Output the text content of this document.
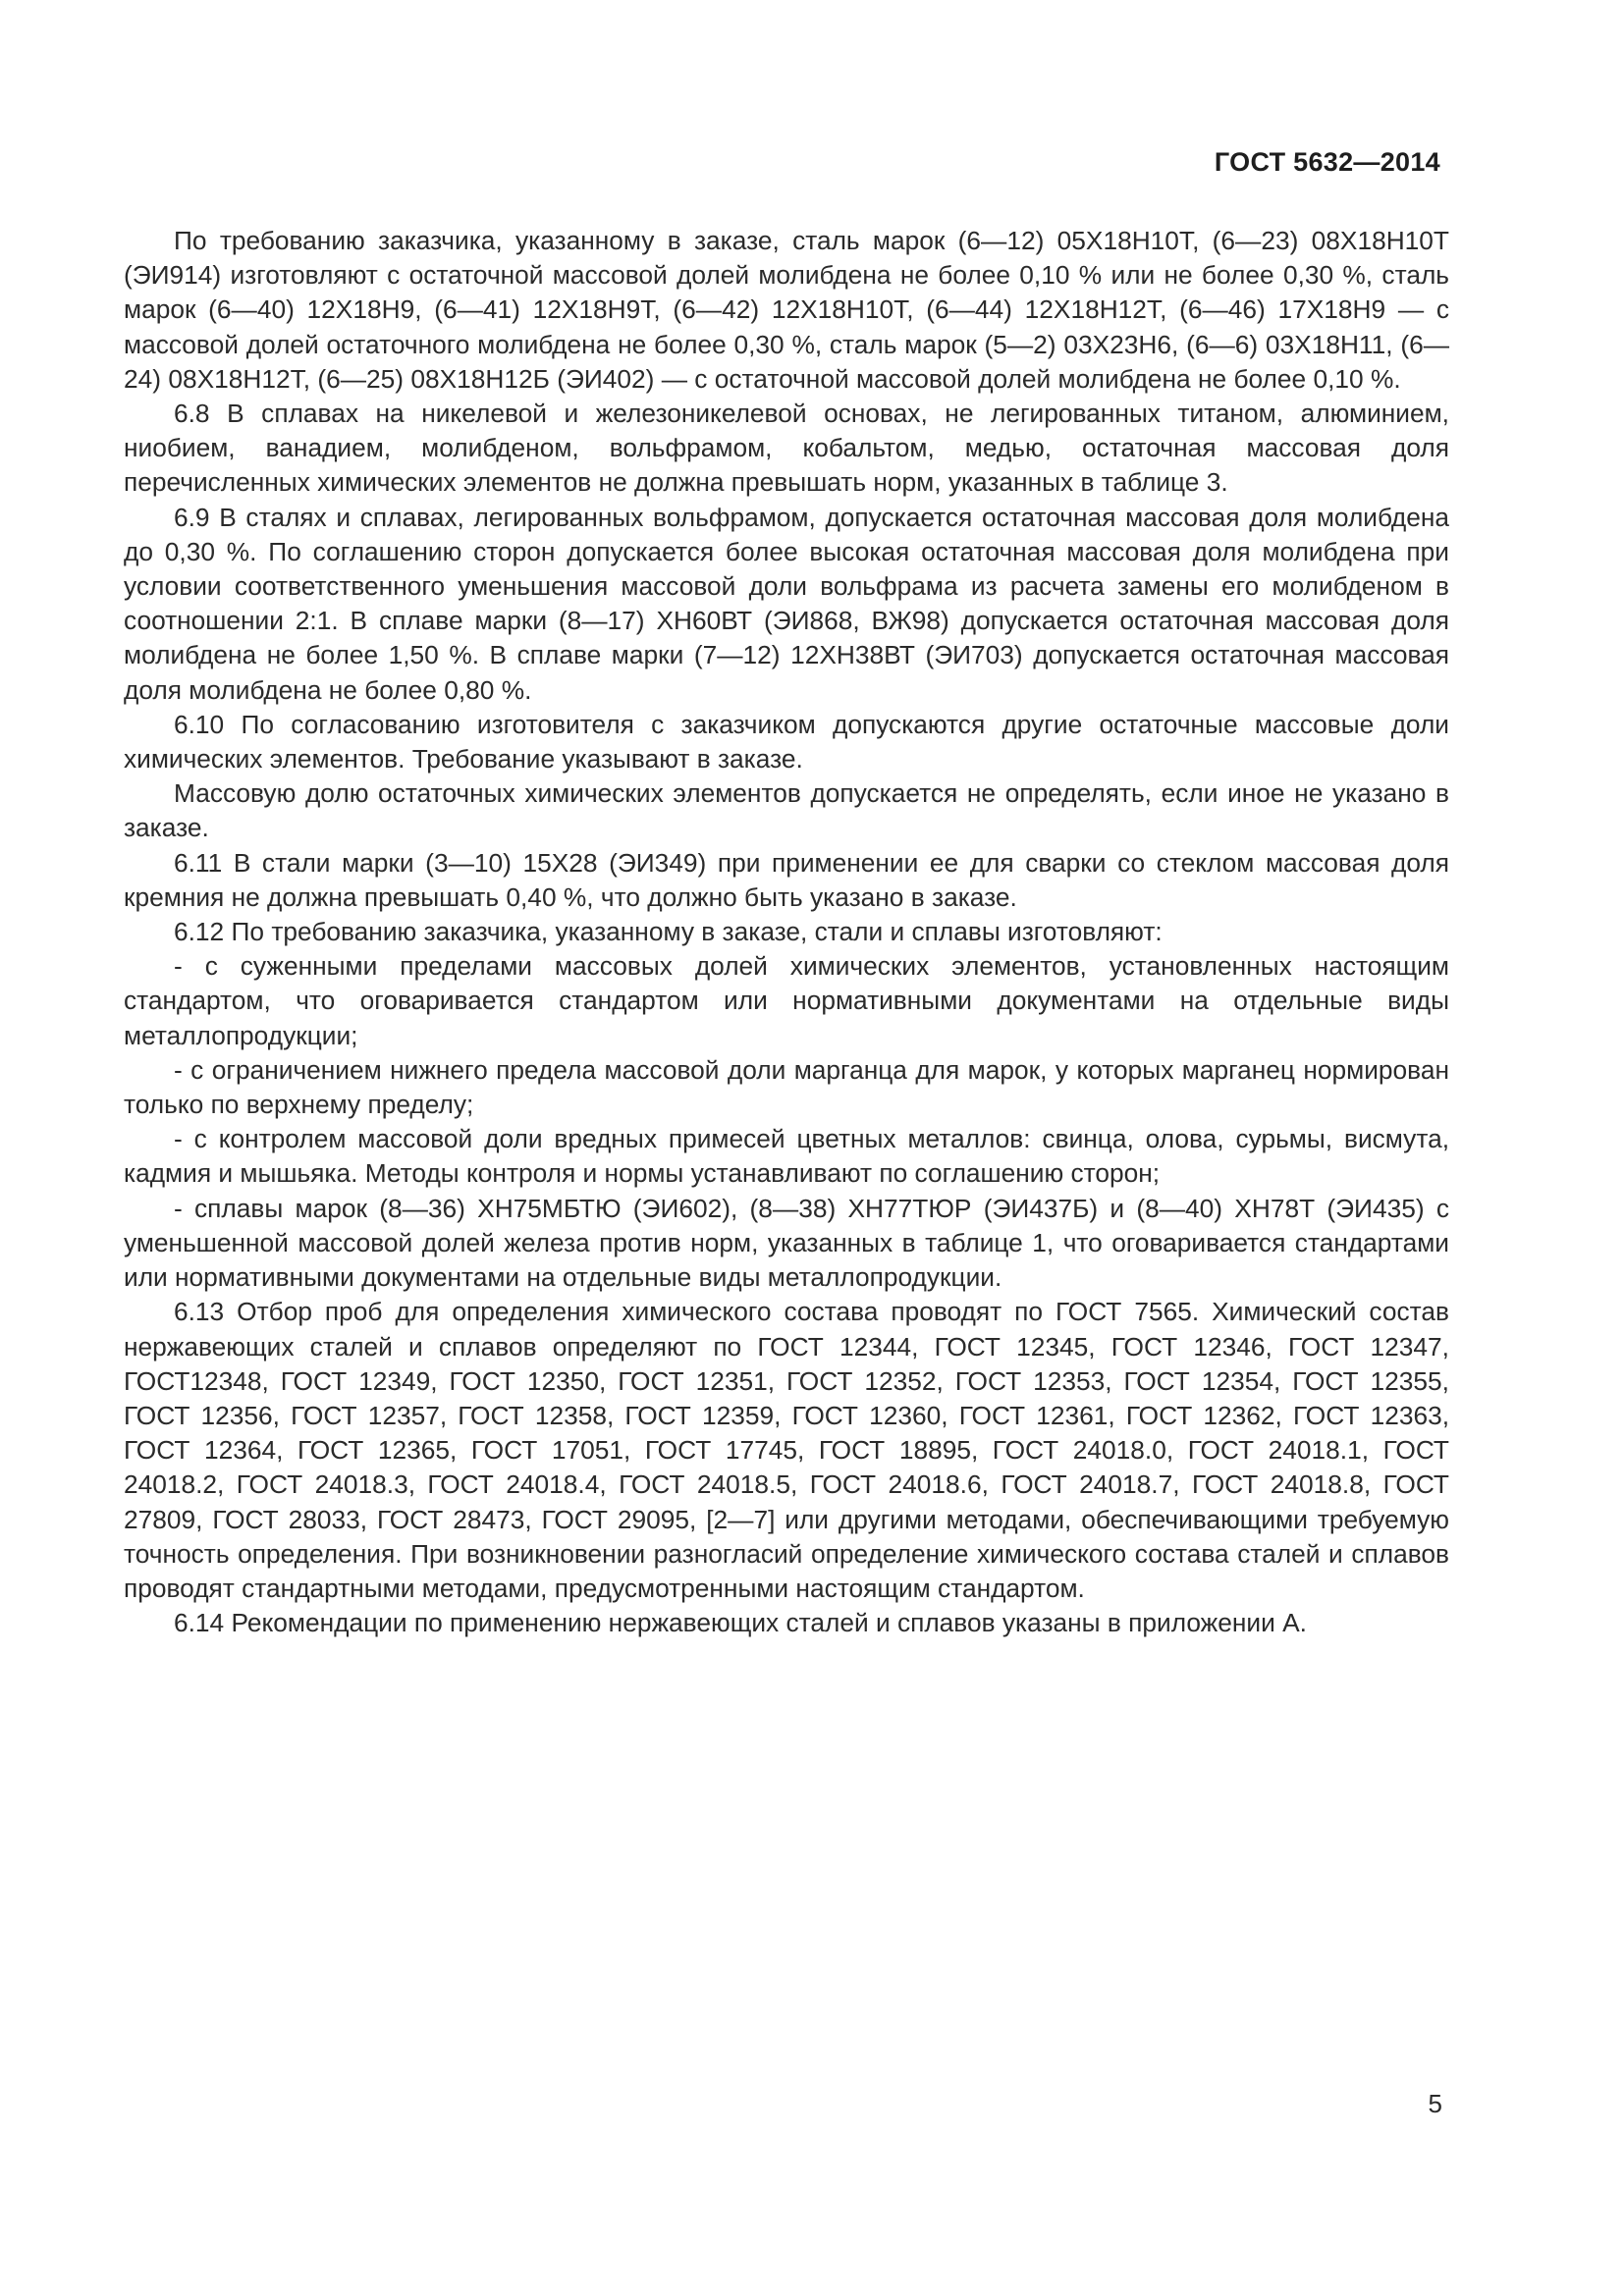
ГОСТ 5632—2014

По требованию заказчика, указанному в заказе, сталь марок (6—12) 05Х18Н10Т, (6—23) 08Х18Н10Т (ЭИ914) изготовляют с остаточной массовой долей молибдена не более 0,10 % или не более 0,30 %, сталь марок (6—40) 12Х18Н9, (6—41) 12Х18Н9Т, (6—42) 12Х18Н10Т, (6—44) 12Х18Н12Т, (6—46) 17Х18Н9 — с массовой долей остаточного молибдена не более 0,30 %, сталь марок (5—2) 03Х23Н6, (6—6) 03Х18Н11, (6—24) 08Х18Н12Т, (6—25) 08Х18Н12Б (ЭИ402) — с остаточной массовой долей молибдена не более 0,10 %.

6.8 В сплавах на никелевой и железоникелевой основах, не легированных титаном, алюминием, ниобием, ванадием, молибденом, вольфрамом, кобальтом, медью, остаточная массовая доля перечисленных химических элементов не должна превышать норм, указанных в таблице 3.

6.9 В сталях и сплавах, легированных вольфрамом, допускается остаточная массовая доля молибдена до 0,30 %. По соглашению сторон допускается более высокая остаточная массовая доля молибдена при условии соответственного уменьшения массовой доли вольфрама из расчета замены его молибденом в соотношении 2:1. В сплаве марки (8—17) ХН60ВТ (ЭИ868, ВЖ98) допускается остаточная массовая доля молибдена не более 1,50 %. В сплаве марки (7—12) 12ХН38ВТ (ЭИ703) допускается остаточная массовая доля молибдена не более 0,80 %.

6.10 По согласованию изготовителя с заказчиком допускаются другие остаточные массовые доли химических элементов. Требование указывают в заказе.

Массовую долю остаточных химических элементов допускается не определять, если иное не указано в заказе.

6.11 В стали марки (3—10) 15Х28 (ЭИ349) при применении ее для сварки со стеклом массовая доля кремния не должна превышать 0,40 %, что должно быть указано в заказе.

6.12 По требованию заказчика, указанному в заказе, стали и сплавы изготовляют:

- с суженными пределами массовых долей химических элементов, установленных настоящим стандартом, что оговаривается стандартом или нормативными документами на отдельные виды металлопродукции;

- с ограничением нижнего предела массовой доли марганца для марок, у которых марганец нормирован только по верхнему пределу;

- с контролем массовой доли вредных примесей цветных металлов: свинца, олова, сурьмы, висмута, кадмия и мышьяка. Методы контроля и нормы устанавливают по соглашению сторон;

- сплавы марок (8—36) ХН75МБТЮ (ЭИ602), (8—38) ХН77ТЮР (ЭИ437Б) и (8—40) ХН78Т (ЭИ435) с уменьшенной массовой долей железа против норм, указанных в таблице 1, что оговаривается стандартами или нормативными документами на отдельные виды металлопродукции.

6.13 Отбор проб для определения химического состава проводят по ГОСТ 7565. Химический состав нержавеющих сталей и сплавов определяют по ГОСТ 12344, ГОСТ 12345, ГОСТ 12346, ГОСТ 12347, ГОСТ12348, ГОСТ 12349, ГОСТ 12350, ГОСТ 12351, ГОСТ 12352, ГОСТ 12353, ГОСТ 12354, ГОСТ 12355, ГОСТ 12356, ГОСТ 12357, ГОСТ 12358, ГОСТ 12359, ГОСТ 12360, ГОСТ 12361, ГОСТ 12362, ГОСТ 12363, ГОСТ 12364, ГОСТ 12365, ГОСТ 17051, ГОСТ 17745, ГОСТ 18895, ГОСТ 24018.0, ГОСТ 24018.1, ГОСТ 24018.2, ГОСТ 24018.3, ГОСТ 24018.4, ГОСТ 24018.5, ГОСТ 24018.6, ГОСТ 24018.7, ГОСТ 24018.8, ГОСТ 27809, ГОСТ 28033, ГОСТ 28473, ГОСТ 29095, [2—7] или другими методами, обеспечивающими требуемую точность определения. При возникновении разногласий определение химического состава сталей и сплавов проводят стандартными методами, предусмотренными настоящим стандартом.

6.14 Рекомендации по применению нержавеющих сталей и сплавов указаны в приложении А.

5
